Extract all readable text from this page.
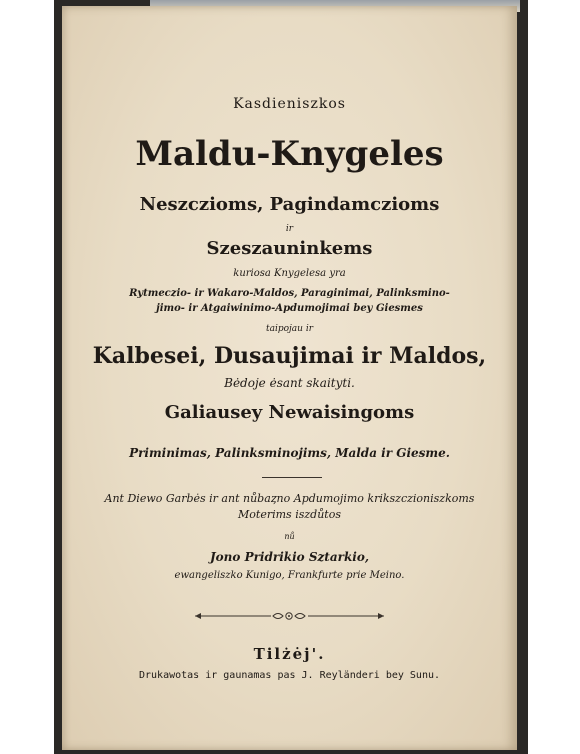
Kasdieniszkos
Maldu-Knygeles
Neszczioms, Pagindamczioms
ir
Szeszauninkems
kuriosa Knygelesa yra
Rytmeczio- ir Wakaro-Maldos, Paraginimai, Palinksmino-
jimo- ir Atgaiwinimo-Apdumojimai bey Giesmes
taipojau ir
Kalbesei, Dusaujimai ir Maldos,
Bėdoje ėsant skaityti.
Galiausey Newaisingoms
Priminimas, Palinksminojims, Malda ir Giesme.
Ant Diewo Garbės ir ant nůbaȥno Apdumojimo krikszczioniszkoms
Moterims iszdůtos
nů
Jono Pridrikio Sztarkio,
ewangeliszko Kunigo, Frankfurte prie Meino.
Tilżėj'.
Drukawotas ir gaunamas pas J. Reyländeri bey Sunu.
